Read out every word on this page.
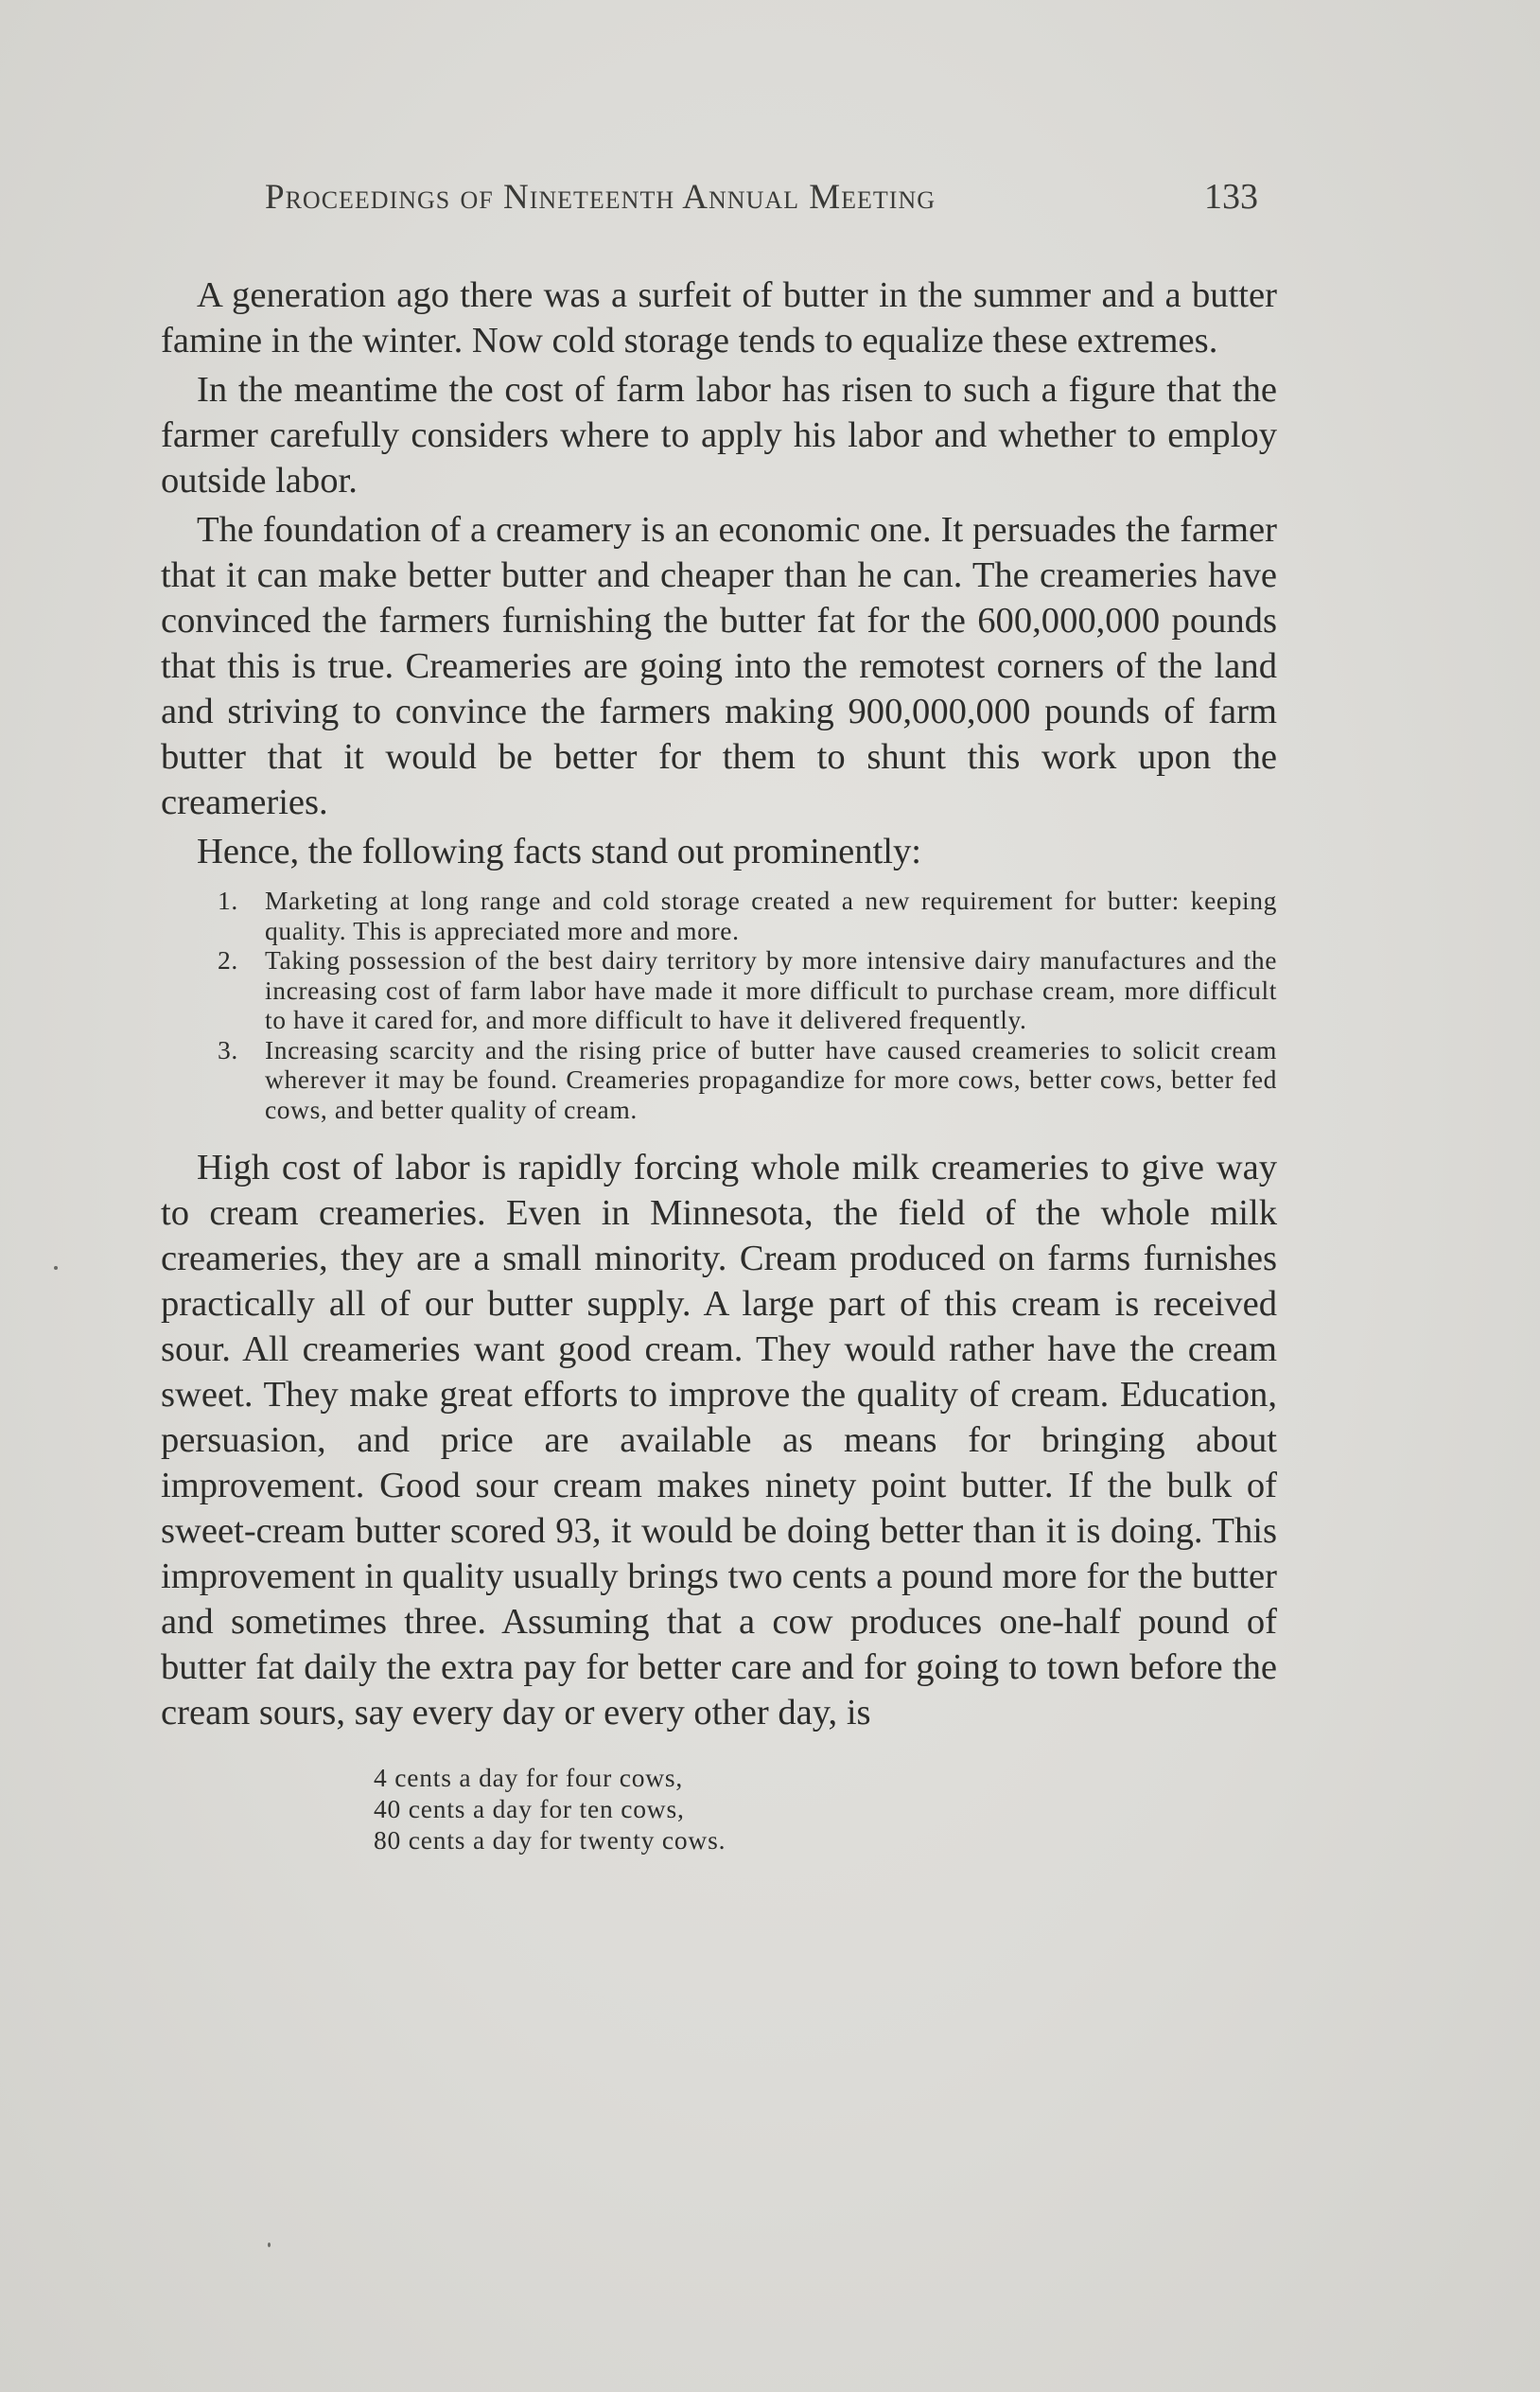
Proceedings of Nineteenth Annual Meeting	133

A generation ago there was a surfeit of butter in the summer and a butter famine in the winter. Now cold storage tends to equalize these extremes.

In the meantime the cost of farm labor has risen to such a figure that the farmer carefully considers where to apply his labor and whether to employ outside labor.

The foundation of a creamery is an economic one. It persuades the farmer that it can make better butter and cheaper than he can. The creameries have convinced the farmers furnishing the butter fat for the 600,000,000 pounds that this is true. Creameries are going into the remotest corners of the land and striving to convince the farmers making 900,000,000 pounds of farm butter that it would be better for them to shunt this work upon the creameries.

Hence, the following facts stand out prominently:

1. Marketing at long range and cold storage created a new requirement for butter: keeping quality. This is appreciated more and more.
2. Taking possession of the best dairy territory by more intensive dairy manufactures and the increasing cost of farm labor have made it more difficult to purchase cream, more difficult to have it cared for, and more difficult to have it delivered frequently.
3. Increasing scarcity and the rising price of butter have caused creameries to solicit cream wherever it may be found. Creameries propagandize for more cows, better cows, better fed cows, and better quality of cream.

High cost of labor is rapidly forcing whole milk creameries to give way to cream creameries. Even in Minnesota, the field of the whole milk creameries, they are a small minority. Cream produced on farms furnishes practically all of our butter supply. A large part of this cream is received sour. All creameries want good cream. They would rather have the cream sweet. They make great efforts to improve the quality of cream. Education, persuasion, and price are available as means for bringing about improvement. Good sour cream makes ninety point butter. If the bulk of sweet-cream butter scored 93, it would be doing better than it is doing. This improvement in quality usually brings two cents a pound more for the butter and sometimes three. Assuming that a cow produces one-half pound of butter fat daily the extra pay for better care and for going to town before the cream sours, say every day or every other day, is

4 cents a day for four cows,
40 cents a day for ten cows,
80 cents a day for twenty cows.
